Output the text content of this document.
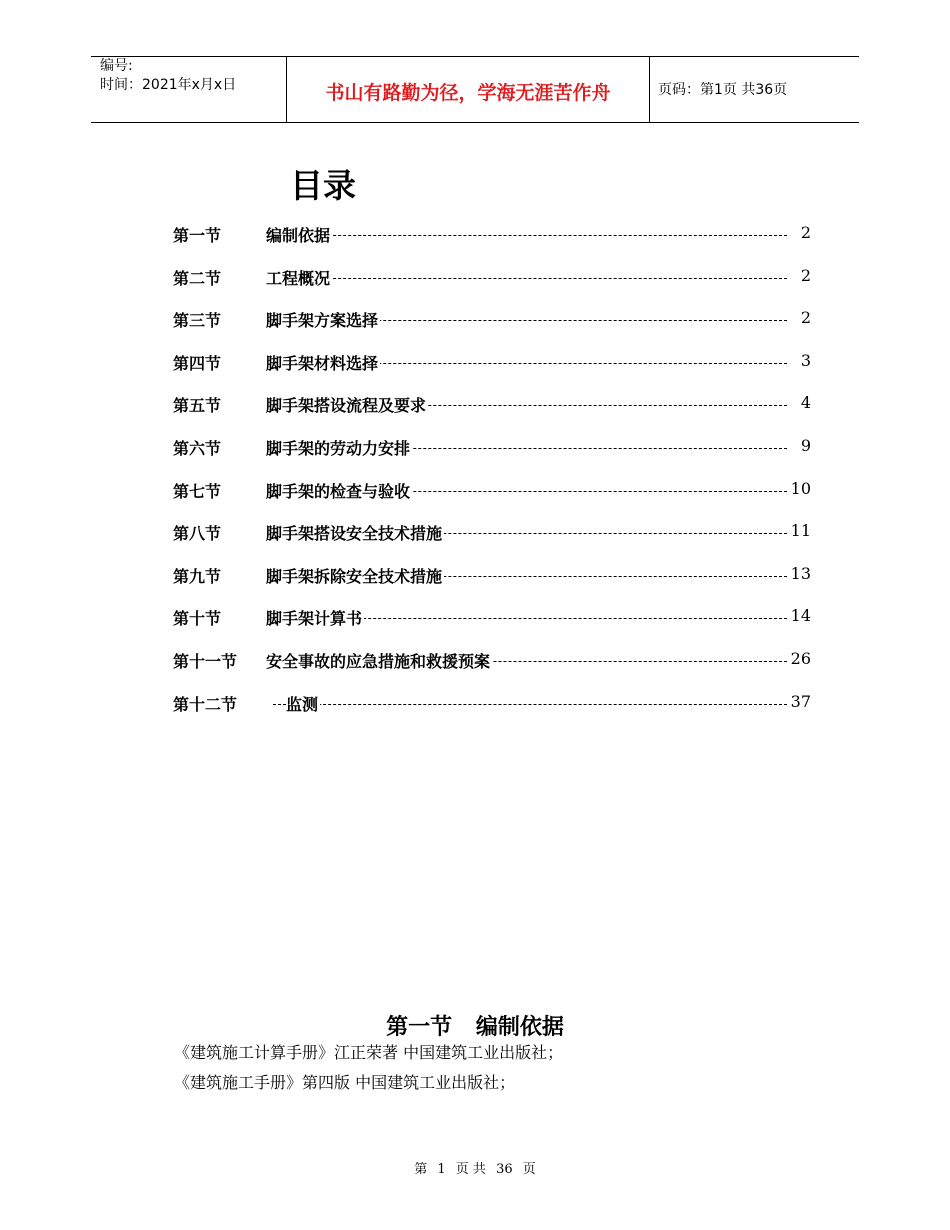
编号:
时间：2021年x月x日	书山有路勤为径，学海无涯苦作舟	页码：第1页 共36页
目录
第一节	编制依据	2
第二节	工程概况	2
第三节	脚手架方案选择	2
第四节	脚手架材料选择	3
第五节	脚手架搭设流程及要求	4
第六节	脚手架的劳动力安排	9
第七节	脚手架的检查与验收	10
第八节	脚手架搭设安全技术措施	11
第九节	脚手架拆除安全技术措施	13
第十节	脚手架计算书	14
第十一节 安全事故的应急措施和救援预案	26
第十二节	监测	37
第一节 编制依据
《建筑施工计算手册》江正荣著 中国建筑工业出版社；
《建筑施工手册》第四版 中国建筑工业出版社；
第 1 页 共 36 页
